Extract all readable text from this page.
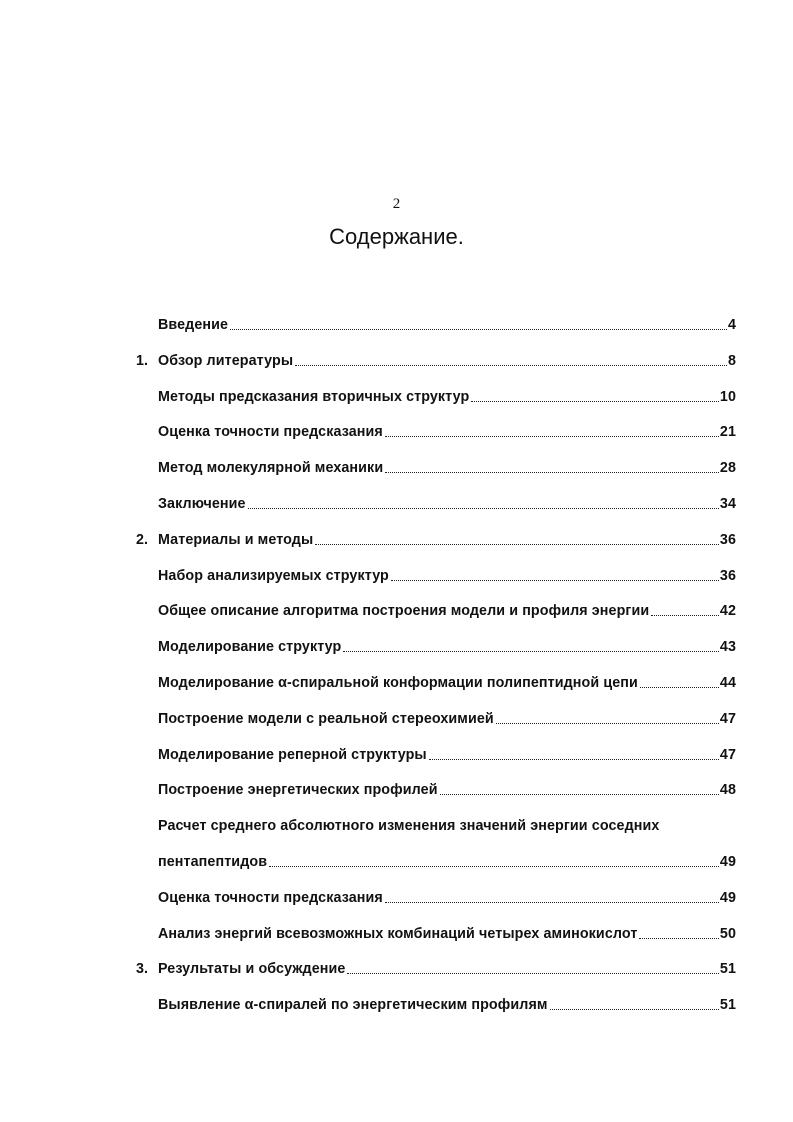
2
Содержание.
Введение	4
1. Обзор литературы	8
Методы предсказания вторичных структур	10
Оценка точности предсказания	21
Метод молекулярной механики	28
Заключение	34
2. Материалы и методы	36
Набор анализируемых структур	36
Общее описание алгоритма построения модели и профиля энергии	42
Моделирование структур	43
Моделирование α-спиральной конформации полипептидной цепи	44
Построение модели с реальной стереохимией	47
Моделирование реперной структуры	47
Построение энергетических профилей	48
Расчет среднего абсолютного изменения значений энергии соседних
пентапептидов	49
Оценка точности предсказания	49
Анализ энергий всевозможных комбинаций четырех аминокислот	50
3. Результаты и обсуждение	51
Выявление α-спиралей по энергетическим профилям	51
